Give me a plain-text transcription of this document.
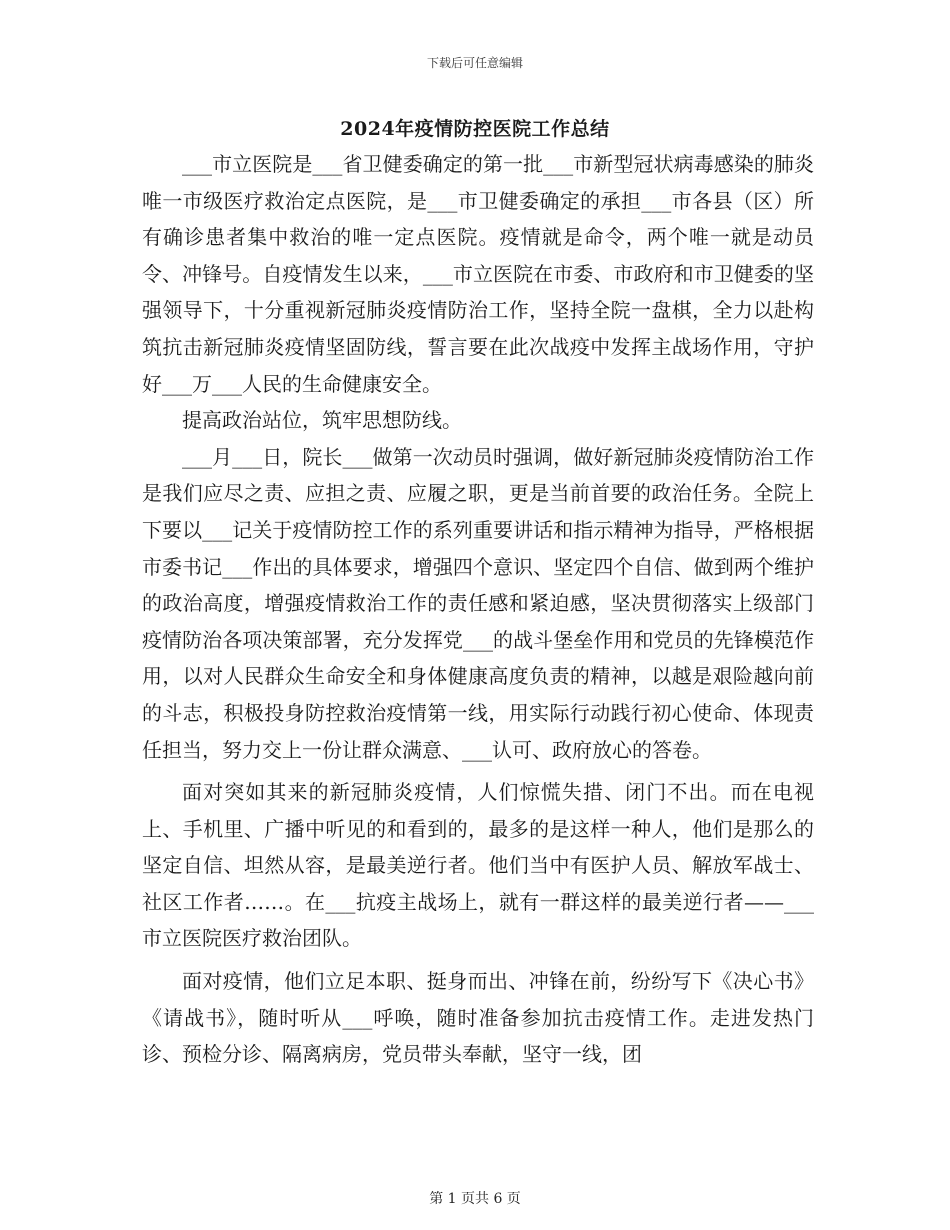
下载后可任意编辑
2024年疫情防控医院工作总结

___市立医院是___省卫健委确定的第一批___市新型冠状病毒感染的肺炎唯一市级医疗救治定点医院，是___市卫健委确定的承担___市各县（区）所有确诊患者集中救治的唯一定点医院。疫情就是命令，两个唯一就是动员令、冲锋号。自疫情发生以来，___市立医院在市委、市政府和市卫健委的坚强领导下，十分重视新冠肺炎疫情防治工作，坚持全院一盘棋，全力以赴构筑抗击新冠肺炎疫情坚固防线，誓言要在此次战疫中发挥主战场作用，守护好___万___人民的生命健康安全。

提高政治站位，筑牢思想防线。

___月___日，院长___做第一次动员时强调，做好新冠肺炎疫情防治工作是我们应尽之责、应担之责、应履之职，更是当前首要的政治任务。全院上下要以___记关于疫情防控工作的系列重要讲话和指示精神为指导，严格根据市委书记___作出的具体要求，增强四个意识、坚定四个自信、做到两个维护的政治高度，增强疫情救治工作的责任感和紧迫感，坚决贯彻落实上级部门疫情防治各项决策部署，充分发挥党___的战斗堡垒作用和党员的先锋模范作用，以对人民群众生命安全和身体健康高度负责的精神，以越是艰险越向前的斗志，积极投身防控救治疫情第一线，用实际行动践行初心使命、体现责任担当，努力交上一份让群众满意、___认可、政府放心的答卷。

面对突如其来的新冠肺炎疫情，人们惊慌失措、闭门不出。而在电视上、手机里、广播中听见的和看到的，最多的是这样一种人，他们是那么的坚定自信、坦然从容，是最美逆行者。他们当中有医护人员、解放军战士、社区工作者……。在___抗疫主战场上，就有一群这样的最美逆行者——___市立医院医疗救治团队。

面对疫情，他们立足本职、挺身而出、冲锋在前，纷纷写下《决心书》《请战书》，随时听从___呼唤，随时准备参加抗击疫情工作。走进发热门诊、预检分诊、隔离病房，党员带头奉献，坚守一线，团

第 1 页共 6 页
